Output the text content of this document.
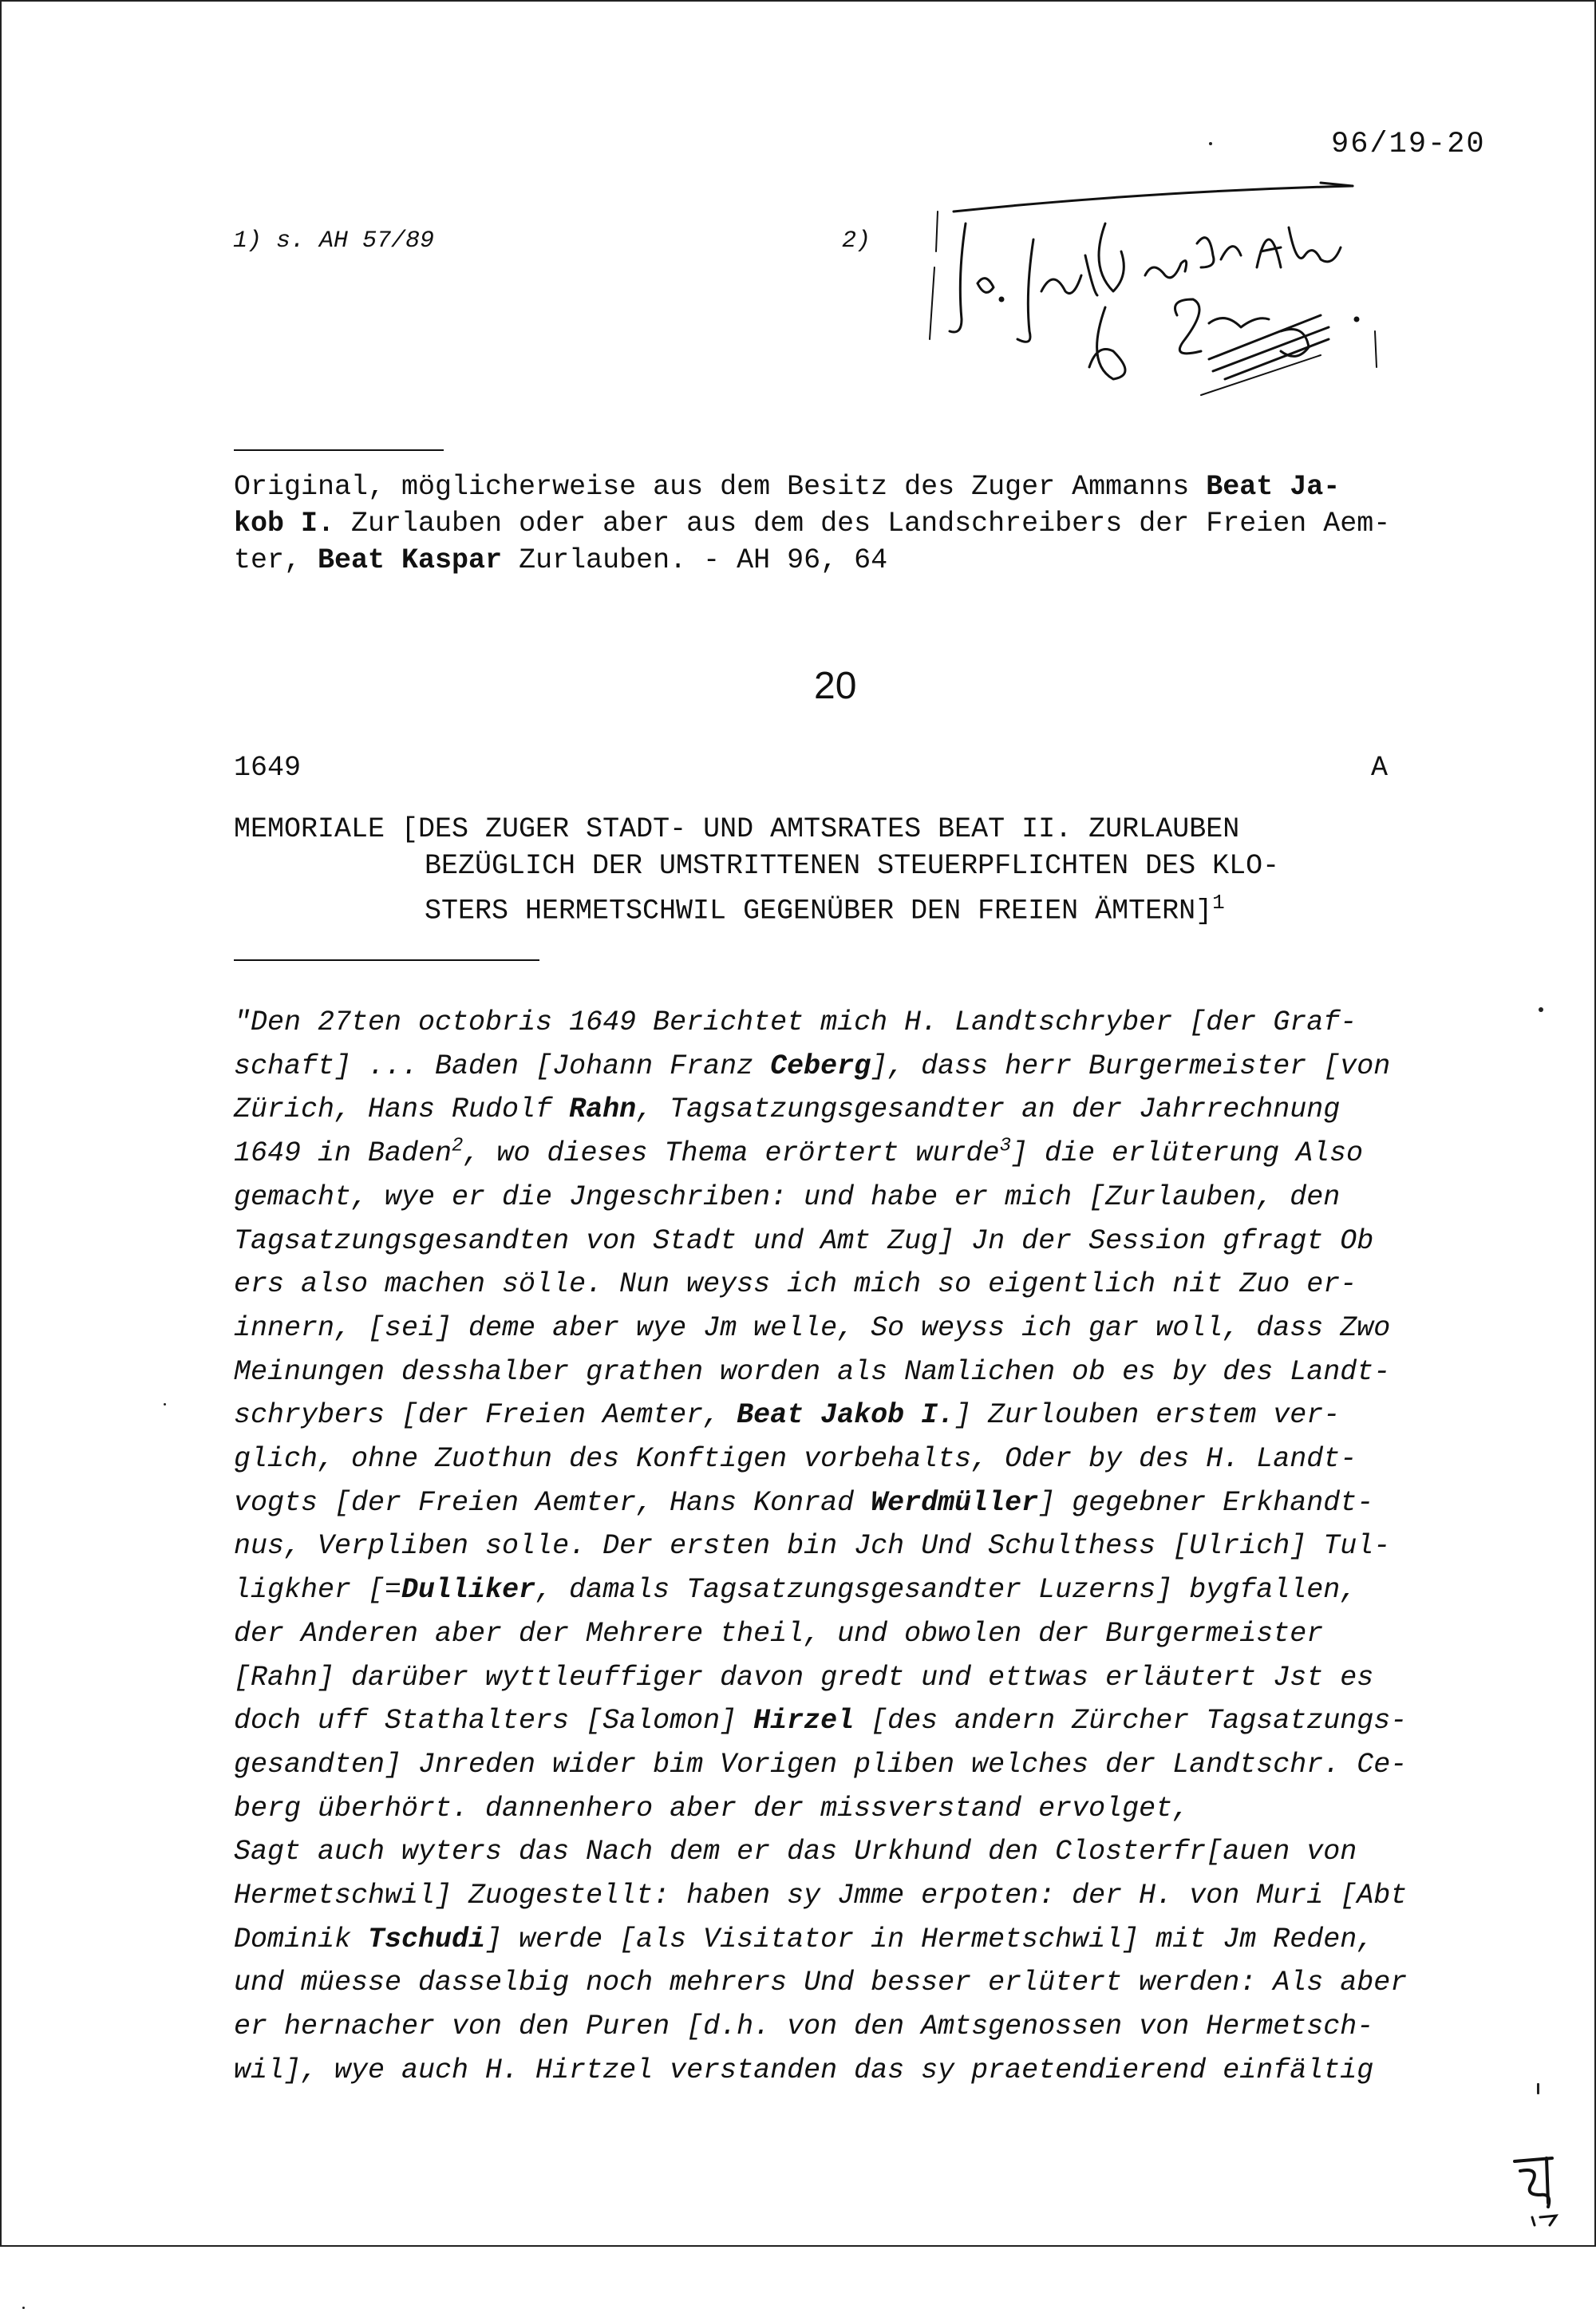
96/19-20
1) s. AH 57/89	2)
Original, möglicherweise aus dem Besitz des Zuger Ammanns Beat Ja-
kob I. Zurlauben oder aber aus dem des Landschreibers der Freien Aem-
ter, Beat Kaspar Zurlauben. - AH 96, 64
20
1649	A
MEMORIALE [DES ZUGER STADT- UND AMTSRATES BEAT II. ZURLAUBEN
BEZÜGLICH DER UMSTRITTENEN STEUERPFLICHTEN DES KLO-
STERS HERMETSCHWIL GEGENÜBER DEN FREIEN ÄMTERN]$^1$
"Den 27ten octobris 1649 Berichtet mich H. Landtschryber [der Graf-
schaft] ... Baden [Johann Franz Ceberg], dass herr Burgermeister [von
Zürich, Hans Rudolf Rahn, Tagsatzungsgesandter an der Jahrrechnung
1649 in Baden$^2$, wo dieses Thema erörtert wurde$^3$] die erlüterung Also
gemacht, wye er die Jngeschriben: und habe er mich [Zurlauben, den
Tagsatzungsgesandten von Stadt und Amt Zug] Jn der Session gfragt Ob
ers also machen sölle. Nun weyss ich mich so eigentlich nit Zuo er-
innern, [sei] deme aber wye Jm welle, So weyss ich gar woll, dass Zwo
Meinungen desshalber grathen worden als Namlichen ob es by des Landt-
schrybers [der Freien Aemter, Beat Jakob I.] Zurlouben erstem ver-
glich, ohne Zuothun des Konftigen vorbehalts, Oder by des H. Landt-
vogts [der Freien Aemter, Hans Konrad Werdmüller] gegebner Erkhandt-
nus, Verpliben solle. Der ersten bin Jch Und Schulthess [Ulrich] Tul-
ligkher [=Dulliker, damals Tagsatzungsgesandter Luzerns] bygfallen,
der Anderen aber der Mehrere theil, und obwolen der Burgermeister
[Rahn] darüber wyttleuffiger davon gredt und ettwas erläutert Jst es
doch uff Stathalters [Salomon] Hirzel [des andern Zürcher Tagsatzungs-
gesandten] Jnreden wider bim Vorigen pliben welches der Landtschr. Ce-
berg überhört. dannenhero aber der missverstand ervolget,
Sagt auch wyters das Nach dem er das Urkhund den Closterfr[auen von
Hermetschwil] Zuogestellt: haben sy Jmme erpoten: der H. von Muri [Abt
Dominik Tschudi] werde [als Visitator in Hermetschwil] mit Jm Reden,
und müesse dasselbig noch mehrers Und besser erlütert werden: Als aber
er hernacher von den Puren [d.h. von den Amtsgenossen von Hermetsch-
wil], wye auch H. Hirtzel verstanden das sy praetendierend einfältig
